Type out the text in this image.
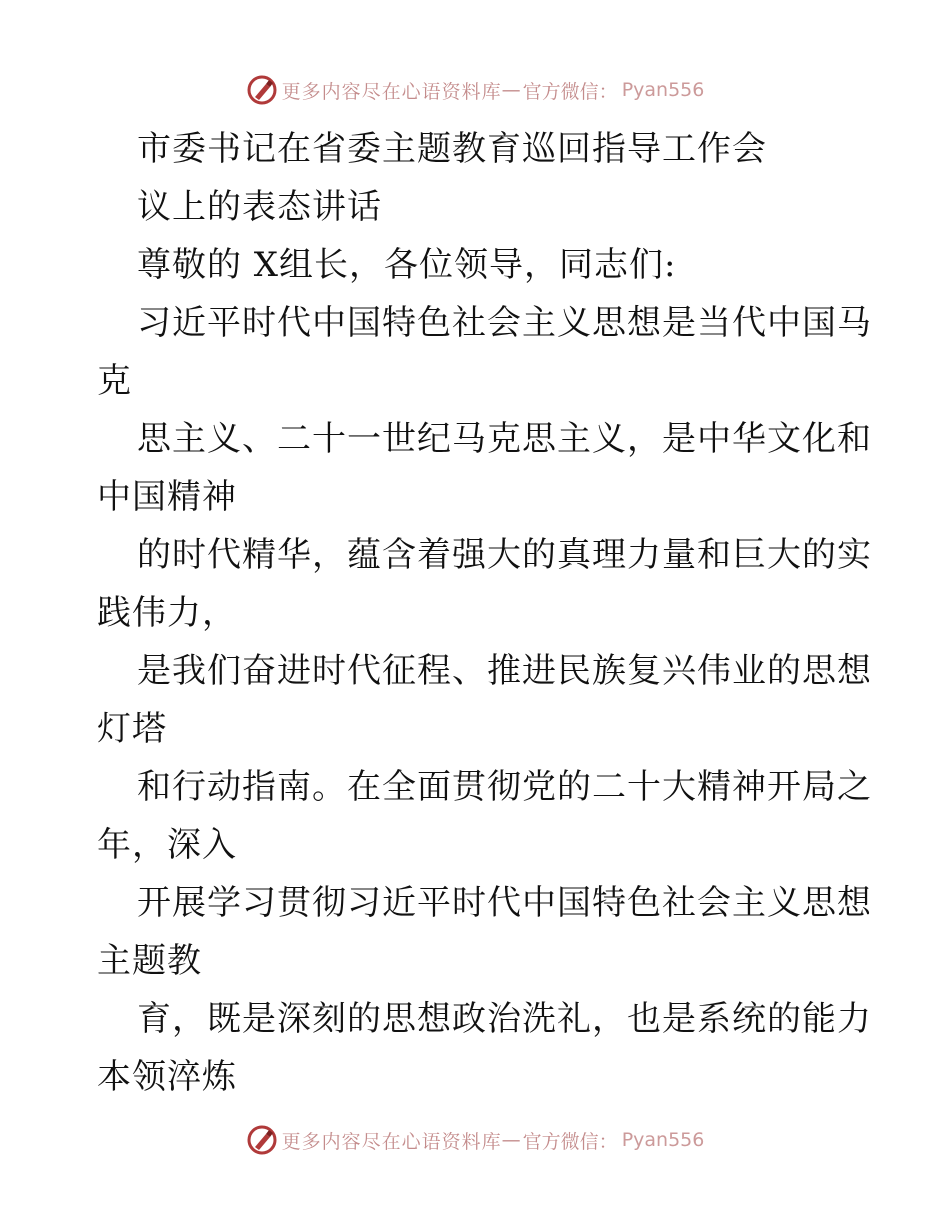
更多内容尽在心语资料库 — 官方微信： Pyan556
市委书记在省委主题教育巡回指导工作会
议上的表态讲话
尊敬的 X组长，各位领导，同志们:
习近平时代中国特色社会主义思想是当代中国马
克
思主义、二十一世纪马克思主义，是中华文化和
中国精神
的时代精华，蕴含着强大的真理力量和巨大的实
践伟力，
是我们奋进时代征程、推进民族复兴伟业的思想
灯塔
和行动指南。在全面贯彻党的二十大精神开局之
年，深入
开展学习贯彻习近平时代中国特色社会主义思想
主题教
育，既是深刻的思想政治洗礼，也是系统的能力
本领淬炼
更多内容尽在心语资料库 — 官方微信： Pyan556
